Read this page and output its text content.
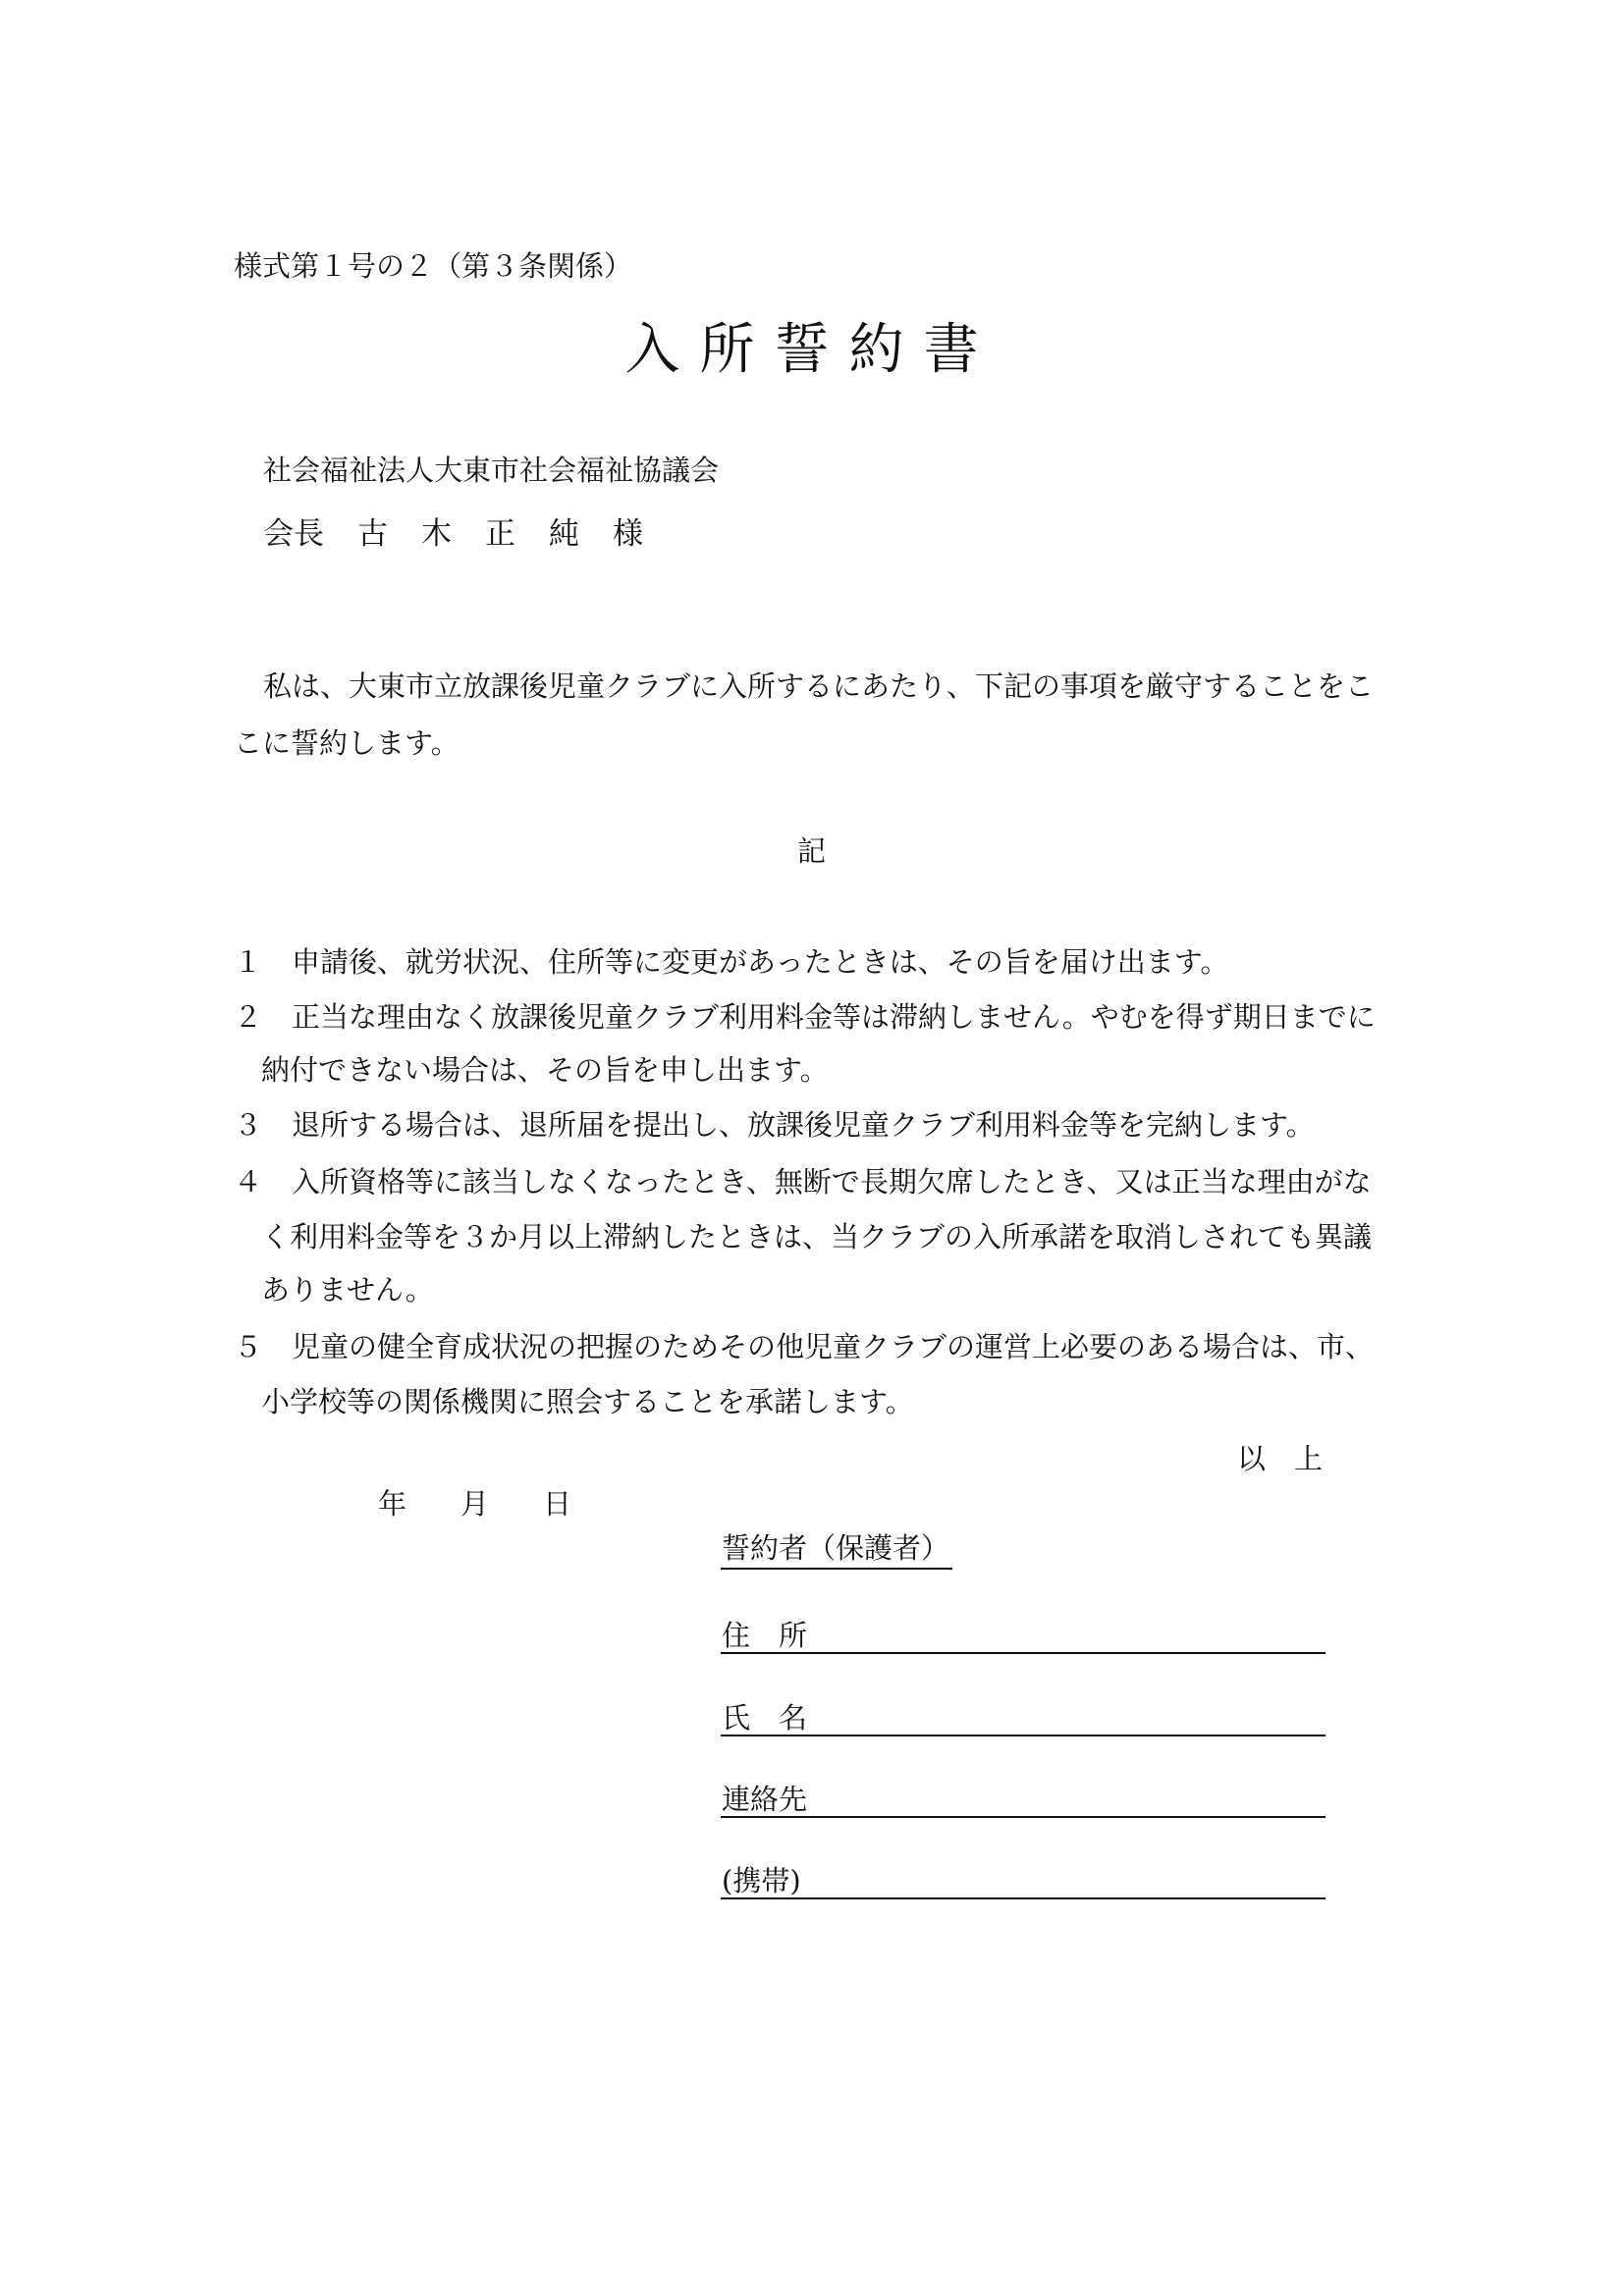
様式第１号の２（第３条関係）
入所誓約書
社会福祉法人大東市社会福祉協議会
会長 古 木 正 純 様
私は、大東市立放課後児童クラブに入所するにあたり、下記の事項を厳守することをこ
こに誓約します。
記
１ 申請後、就労状況、住所等に変更があったときは、その旨を届け出ます。
２ 正当な理由なく放課後児童クラブ利用料金等は滞納しません。やむを得ず期日までに
納付できない場合は、その旨を申し出ます。
３ 退所する場合は、退所届を提出し、放課後児童クラブ利用料金等を完納します。
４ 入所資格等に該当しなくなったとき、無断で長期欠席したとき、又は正当な理由がな
く利用料金等を３か月以上滞納したときは、当クラブの入所承諾を取消しされても異議
ありません。
５ 児童の健全育成状況の把握のためその他児童クラブの運営上必要のある場合は、市、
小学校等の関係機関に照会することを承諾します。
以　上
年 月 日
誓約者（保護者）
住　所
氏　名
連絡先
(携帯)
